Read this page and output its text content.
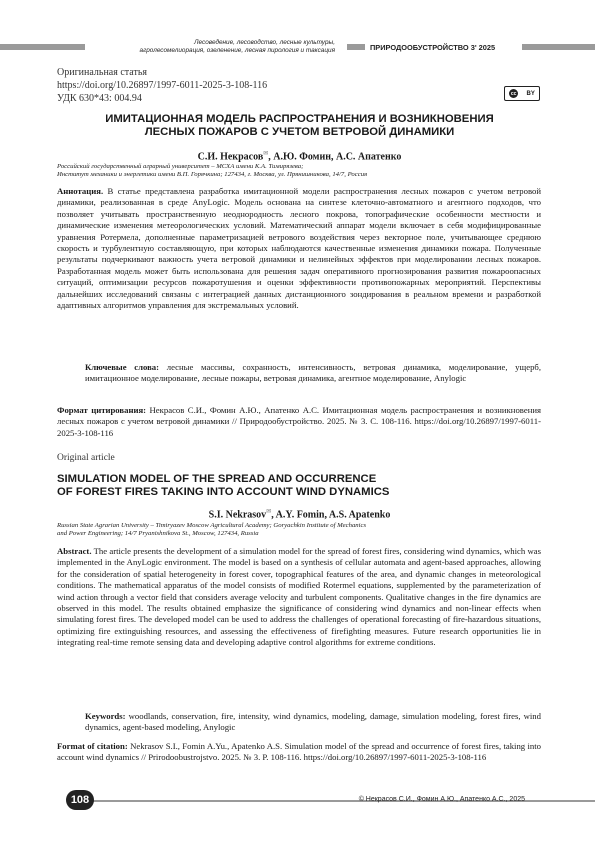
Лесоведение, лесоводство, лесные культуры,
агролесомелиорация, озеленение, лесная пирология и таксация	ПРИРОДООБУСТРОЙСТВО 3' 2025
Оригинальная статья
https://doi.org/10.26897/1997-6011-2025-3-108-116
УДК 630*43: 004.94	cc BY
ИМИТАЦИОННАЯ МОДЕЛЬ РАСПРОСТРАНЕНИЯ И ВОЗНИКНОВЕНИЯ
ЛЕСНЫХ ПОЖАРОВ С УЧЕТОМ ВЕТРОВОЙ ДИНАМИКИ
С.И. Некрасов✉, А.Ю. Фомин, А.С. Апатенко
Российский государственный аграрный университет – МСХА имени К.А. Тимирязева;
Институт механики и энергетики имени В.П. Горячкина; 127434, г. Москва, ул. Прянишникова, 14/7, Россия
Аннотация. В статье представлена разработка имитационной модели распространения лесных пожаров с учетом ветровой динамики, реализованная в среде AnyLogic. Модель основана на синтезе клеточно-автоматного и агентного подходов, что позволяет учитывать пространственную неоднородность лесного покрова, топографические особенности местности и динамические изменения метеорологических условий. Математический аппарат модели включает в себя модифицированные уравнения Ротермела, дополненные параметризацией ветрового воздействия через векторное поле, учитывающее среднюю скорость и турбулентную составляющую, при которых наблюдаются качественные изменения динамики пожара. Полученные результаты подчеркивают важность учета ветровой динамики и нелинейных эффектов при моделировании лесных пожаров. Разработанная модель может быть использована для решения задач оперативного прогнозирования развития пожароопасных ситуаций, оптимизации ресурсов пожаротушения и оценки эффективности противопожарных мероприятий. Перспективы дальнейших исследований связаны с интеграцией данных дистанционного зондирования в реальном времени и разработкой адаптивных алгоритмов управления для экстремальных условий.
Ключевые слова: лесные массивы, сохранность, интенсивность, ветровая динамика, моделирование, ущерб, имитационное моделирование, лесные пожары, ветровая динамика, агентное моделирование, Anylogic
Формат цитирования: Некрасов С.И., Фомин А.Ю., Апатенко А.С. Имитационная модель распространения и возникновения лесных пожаров с учетом ветровой динамики // Природообустройство. 2025. № 3. С. 108-116. https://doi.org/10.26897/1997-6011-2025-3-108-116
Original article
SIMULATION MODEL OF THE SPREAD AND OCCURRENCE
OF FOREST FIRES TAKING INTO ACCOUNT WIND DYNAMICS
S.I. Nekrasov✉, A.Y. Fomin, A.S. Apatenko
Russian State Agrarian University – Timiryazev Moscow Agricultural Academy; Goryachkin Institute of Mechanics
and Power Engineering; 14/7 Pryanishnikova St., Moscow, 127434, Russia
Abstract. The article presents the development of a simulation model for the spread of forest fires, considering wind dynamics, which was implemented in the AnyLogic environment. The model is based on a synthesis of cellular automata and agent-based approaches, allowing for the consideration of spatial heterogeneity in forest cover, topographical features of the area, and dynamic changes in meteorological conditions. The mathematical apparatus of the model consists of modified Rotermel equations, supplemented by the parameterization of wind action through a vector field that considers average velocity and turbulent components. Qualitative changes in the fire dynamics are observed in this model. The results obtained emphasize the significance of considering wind dynamics and non-linear effects when simulating forest fires. The developed model can be used to address the challenges of operational forecasting of fire-hazardous situations, optimizing fire extinguishing resources, and assessing the effectiveness of firefighting measures. Future research opportunities lie in integrating real-time remote sensing data and developing adaptive control algorithms for extreme conditions.
Keywords: woodlands, conservation, fire, intensity, wind dynamics, modeling, damage, simulation modeling, forest fires, wind dynamics, agent-based modeling, Anylogic
Format of citation: Nekrasov S.I., Fomin A.Yu., Apatenko A.S. Simulation model of the spread and occurrence of forest fires, taking into account wind dynamics // Prirodoobustrojstvo. 2025. № 3. P. 108-116. https://doi.org/10.26897/1997-6011-2025-3-108-116
108	© Некрасов С.И., Фомин А.Ю., Апатенко А.С., 2025
